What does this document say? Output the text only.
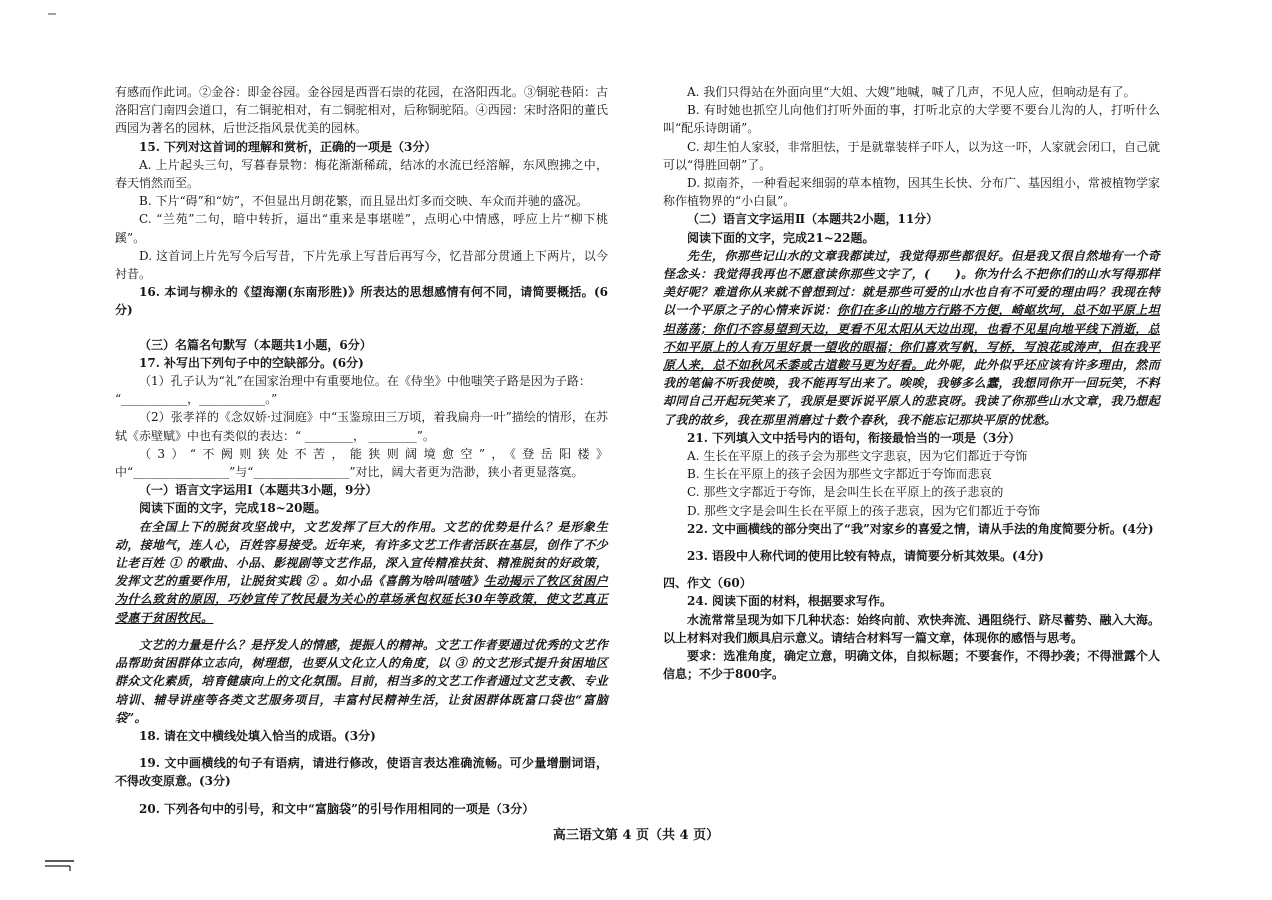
有感而作此词。②金谷：即金谷园。金谷园是西晋石崇的花园，在洛阳西北。③铜驼巷陌：古洛阳宫门南四会道口，有二铜驼相对，有二铜驼相对，后称铜驼陌。④西园：宋时洛阳的董氏西园为著名的园林，后世泛指风景优美的园林。

15. 下列对这首词的理解和赏析，正确的一项是（3分）

A. 上片起头三句，写暮春景物：梅花渐渐稀疏，结冰的水流已经溶解，东风煦拂之中，春天悄然而至。

B. 下片“碍”和“妨”，不但显出月朗花繁，而且显出灯多而交映、车众而并驰的盛况。

C. “兰苑”二句，暗中转折，逼出“重来是事堪嗟”，点明心中情感，呼应上片“柳下桃蹊”。

D. 这首词上片先写今后写昔，下片先承上写昔后再写今，忆昔部分贯通上下两片，以今衬昔。

16. 本词与柳永的《望海潮(东南形胜)》所表达的思想感情有何不同，请简要概括。(6分)

（三）名篇名句默写（本题共1小题，6分）

17. 补写出下列句子中的空缺部分。(6分)

（1）孔子认为“礼”在国家治理中有重要地位。在《侍坐》中他嗤笑子路是因为子路：

“___________，___________。”

（2）张孝祥的《念奴娇·过洞庭》中“玉鉴琼田三万顷，着我扁舟一叶”描绘的情形，在苏轼《赤壁赋》中也有类似的表达：“ ________， ________”。

（3）“不阙则狭处不苦，能狭则阔境愈空”，《登岳阳楼》中“________________”与“________________”对比，阔大者更为浩渺，狭小者更显落寞。

（一）语言文字运用Ⅰ（本题共3小题，9分）

阅读下面的文字，完成18~20题。

在全国上下的脱贫攻坚战中，文艺发挥了巨大的作用。文艺的优势是什么？是形象生动，接地气，连人心，百姓容易接受。近年来，有许多文艺工作者活跃在基层，创作了不少让老百姓 ① 的歌曲、小品、影视剧等文艺作品，深入宣传精准扶贫、精准脱贫的好政策，发挥文艺的重要作用，让脱贫实践 ② 。如小品《喜鹊为啥叫喳喳》生动揭示了牧区贫困户为什么致贫的原因，巧妙宣传了牧民最为关心的草场承包权延长30年等政策，使文艺真正受惠于贫困牧民。

文艺的力量是什么？是抒发人的情感，提振人的精神。文艺工作者要通过优秀的文艺作品帮助贫困群体立志向，树理想，也要从文化立人的角度，以 ③ 的文艺形式提升贫困地区群众文化素质，培育健康向上的文化氛围。目前，相当多的文艺工作者通过文艺支教、专业培训、辅导讲座等各类文艺服务项目，丰富村民精神生活，让贫困群体既富口袋也“富脑袋”。

18. 请在文中横线处填入恰当的成语。(3分)

19. 文中画横线的句子有语病，请进行修改，使语言表达准确流畅。可少量增删词语，不得改变原意。(3分)

20. 下列各句中的引号，和文中“富脑袋”的引号作用相同的一项是（3分）

A. 我们只得站在外面向里“大姐、大嫂”地喊，喊了几声，不见人应，但响动是有了。

B. 有时她也抓空儿向他们打听外面的事，打听北京的大学要不要台儿沟的人，打听什么叫“配乐诗朗诵”。

C. 却生怕人家驳，非常胆怯，于是就靠装样子吓人，以为这一吓，人家就会闭口，自己就可以“得胜回朝”了。

D. 拟南芥，一种看起来细弱的草本植物，因其生长快、分布广、基因组小，常被植物学家称作植物界的“小白鼠”。

（二）语言文字运用Ⅱ（本题共2小题，11分）

阅读下面的文字，完成21~22题。

先生，你那些记山水的文章我都读过，我觉得那些都很好。但是我又很自然地有一个奇怪念头：我觉得我再也不愿意读你那些文字了，(　　)。你为什么不把你们的山水写得那样美好呢？难道你从来就不曾想到过：就是那些可爱的山水也自有不可爱的理由吗？我现在特以一个平原之子的心情来诉说：你们在多山的地方行路不方便，崎岖坎坷，总不如平原上坦坦荡荡；你们不容易望到天边，更看不见太阳从天边出现，也看不见星向地平线下消逝，总不如平原上的人有万里好景一望收的眼福；你们喜欢写帆，写桥，写浪花或涛声，但在我平原人来，总不如秋风禾黍或古道鞍马更为好看。此外呢，此外似乎还应该有许多理由，然而我的笔偏不听我使唤，我不能再写出来了。唉唉，我够多么蠢，我想同你开一回玩笑，不料却同自己开起玩笑来了，我原是要诉说平原人的悲哀呀。我读了你那些山水文章，我乃想起了我的故乡，我在那里消磨过十数个春秋，我不能忘记那块平原的忧愁。

21. 下列填入文中括号内的语句，衔接最恰当的一项是（3分）

A. 生长在平原上的孩子会为那些文字悲哀，因为它们都近于夸饰

B. 生长在平原上的孩子会因为那些文字都近于夸饰而悲哀

C. 那些文字都近于夸饰，是会叫生长在平原上的孩子悲哀的

D. 那些文字是会叫生长在平原上的孩子悲哀，因为它们都近于夸饰

22. 文中画横线的部分突出了“我”对家乡的喜爱之情，请从手法的角度简要分析。(4分)

23. 语段中人称代词的使用比较有特点，请简要分析其效果。(4分)

四、作文（60）

24. 阅读下面的材料，根据要求写作。

水流常常呈现为如下几种状态：始终向前、欢快奔流、遇阻绕行、跻尽蓄势、融入大海。以上材料对我们颇具启示意义。请结合材料写一篇文章，体现你的感悟与思考。

要求：选准角度，确定立意，明确文体，自拟标题；不要套作，不得抄袭；不得泄露个人信息；不少于800字。

高三语文第 4 页（共 4 页）
